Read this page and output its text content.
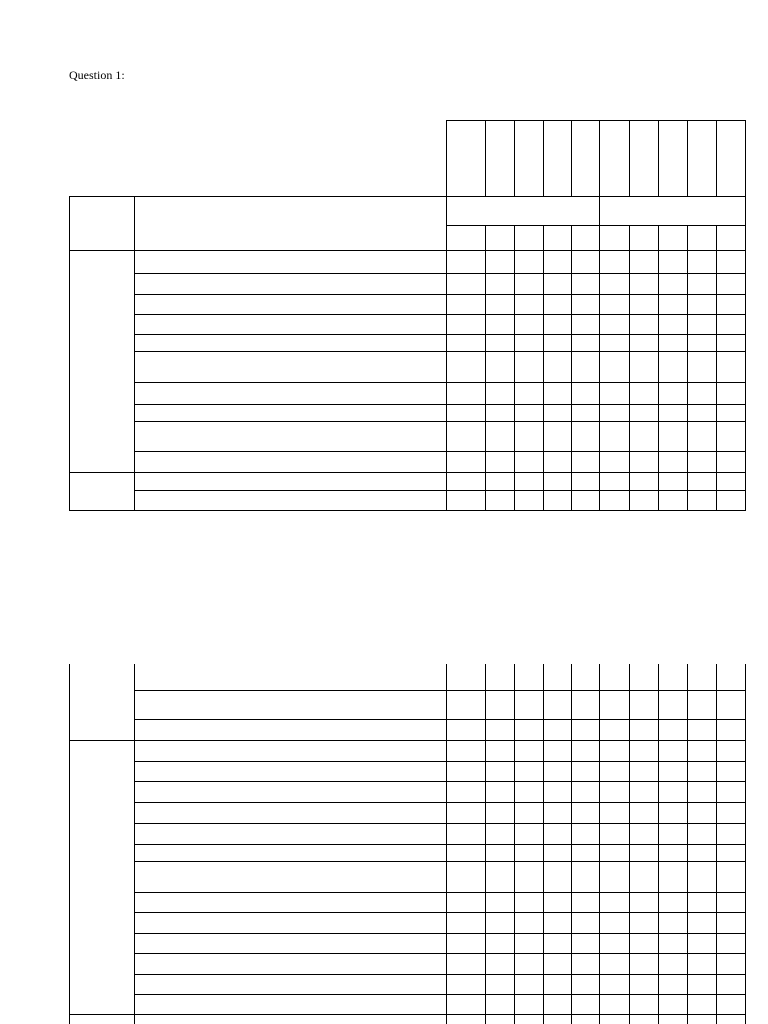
Question 1:
